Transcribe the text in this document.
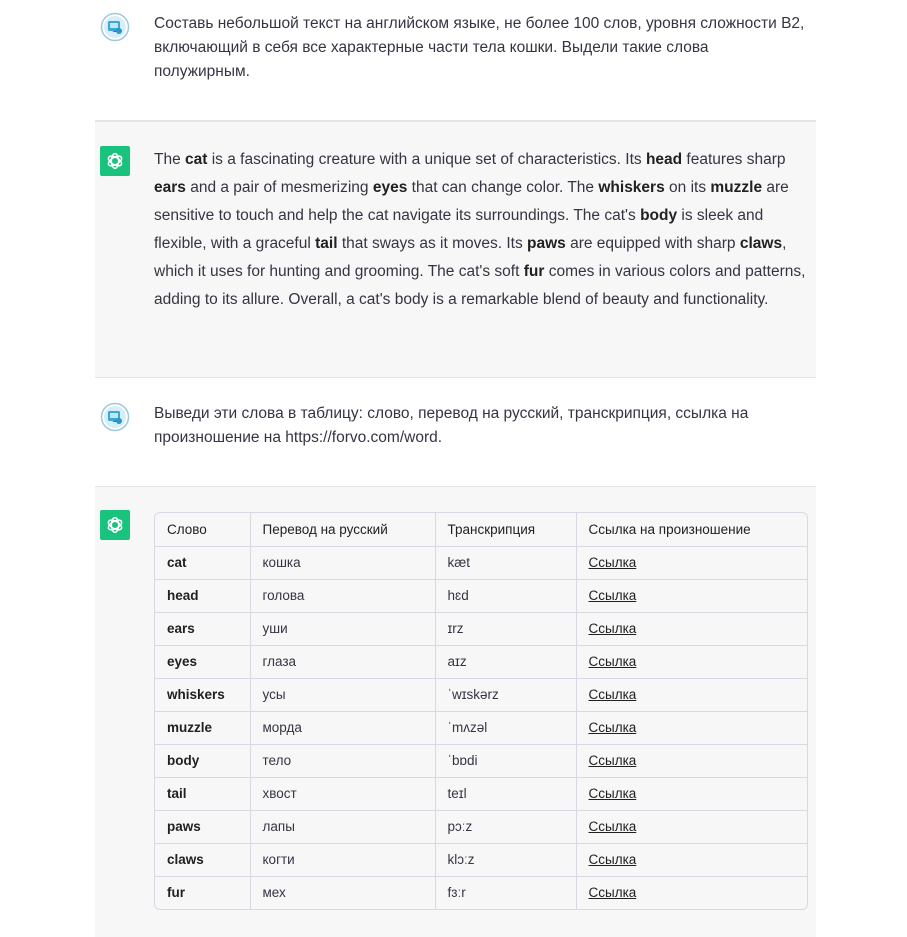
Составь небольшой текст на английском языке, не более 100 слов, уровня сложности B2, включающий в себя все характерные части тела кошки. Выдели такие слова полужирным.
The cat is a fascinating creature with a unique set of characteristics. Its head features sharp ears and a pair of mesmerizing eyes that can change color. The whiskers on its muzzle are sensitive to touch and help the cat navigate its surroundings. The cat's body is sleek and flexible, with a graceful tail that sways as it moves. Its paws are equipped with sharp claws, which it uses for hunting and grooming. The cat's soft fur comes in various colors and patterns, adding to its allure. Overall, a cat's body is a remarkable blend of beauty and functionality.
Выведи эти слова в таблицу: слово, перевод на русский, транскрипция, ссылка на произношение на https://forvo.com/word.
Слово	Перевод на русский	Транскрипция	Ссылка на произношение
cat	кошка	kæt	Ссылка
head	голова	hɛd	Ссылка
ears	уши	ɪrz	Ссылка
eyes	глаза	aɪz	Ссылка
whiskers	усы	ˈwɪskərz	Ссылка
muzzle	морда	ˈmʌzəl	Ссылка
body	тело	ˈbɒdi	Ссылка
tail	хвост	teɪl	Ссылка
paws	лапы	pɔːz	Ссылка
claws	когти	klɔːz	Ссылка
fur	мех	fɜːr	Ссылка
